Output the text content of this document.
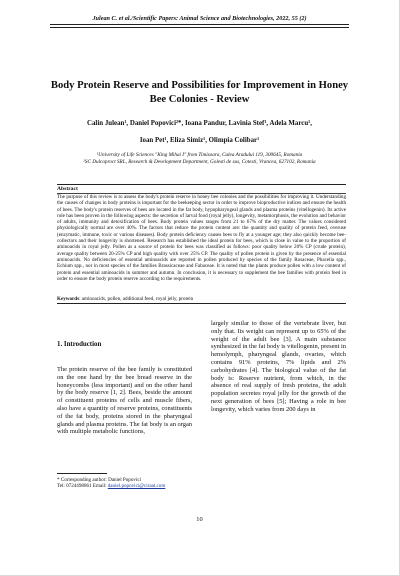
Julean C. et al./Scientific Papers: Animal Science and Biotechnologies, 2022, 55 (2)
Body Protein Reserve and Possibilities for Improvement in Honey Bee Colonies - Review
Calin Julean¹, Daniel Popovici²*, Ioana Pandur, Lavinia Stef¹, Adela Marcu¹,
Ioan Pet¹, Eliza Simiz¹, Olimpia Colibar¹
¹University of Life Sciences "King Mihai I" from Timisoara, Calea Aradului 119, 300645, Romania
²SC Dulcoproct SRL, Research & Development Department, Golesti de sus, Cotesti, Vrancea, 627102, Romania
Abstract

The purpose of this review is to assess the body's protein reserve in honey bee colonies and the possibilities for improving it. Understanding the causes of changes in body proteins is important for the beekeeping sector in order to improve bioproductive indices and ensure the health of bees. The body's protein reserves of bees are located in the fat body, hypopharyngeal glands and plasma proteins (vitellogenin). Its active role has been proven in the following aspects: the secretion of larval food (royal jelly), longevity, metamorphosis, the evolution and behavior of adults, immunity and detoxification of bees. Body protein values ranges from 21 to 67% of the dry matter. The values considered physiologically normal are over 40%. The factors that reduce the protein content are: the quantity and quality of protein feed, overuse (enzymatic, immune, toxic or various diseases). Body protein deficiency causes bees to fly at a younger age; they also quickly become bee-collectors and their longevity is shortened. Research has established the ideal protein for bees, which is close in value to the proportion of aminoacids in royal jelly. Pollen as a source of protein for bees was classified as follows: poor quality below 20% CP (crude protein), average quality between 20-25% CP and high quality with over 25% CP. The quality of pollen protein is given by the presence of essential aminoacids. No deficiencies of essential aminoacids are reported in pollen produced by species of the family Rosaceae, Phacelia spp., Echium spp., nor in most species of the families Brassicaceae and Fabaceae. It is noted that the plants produce pollen with a low content of protein and essential aminoacids in summer and autumn. In conclusion, it is necessary to supplement the bee families with protein feed in order to ensure the body protein reserve according to the requirements.

Keywords: aminoacids, pollen, additional feed, royal jelly, protein
1. Introduction

The protein reserve of the bee family is constituted on the one hand by the bee bread reserve in the honeycombs (less important) and on the other hand by the body reserve [1, 2]. Bees, beside the amount of constituent proteins of cells and muscle fibers, also have a quantity of reserve proteins, constituents of the fat body, proteins stored in the pharyngeal glands and plasma proteins. The fat body is an organ with multiple metabolic functions,

largely similar to those of the vertebrate liver, but only that. Its weight can represent up to 65% of the weight of the adult bee [3]. A main substance synthesized in the fat body is vitellogenin, present in hemolymph, pharyngeal glands, ovaries, which contains 91% proteins, 7% lipids and 2% carbohydrates [4]. The biological value of the fat body is: Reserve nutrient, from which, in the absence of real supply of fresh proteins, the adult population secretes royal jelly for the growth of the next generation of bees [5]; Having a role in bee longevity, which varies from 200 days in

* Corresponding author: Daniel Popovici
Tel: 0724498861 Email: daniel.popovici@ciraat.com
10
